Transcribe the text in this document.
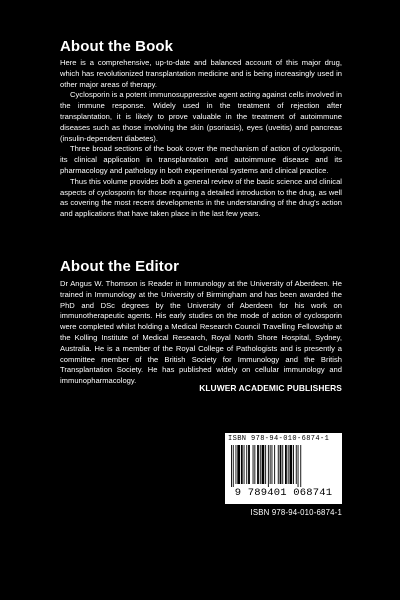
About the Book

Here is a comprehensive, up-to-date and balanced account of this major drug, which has revolutionized transplantation medicine and is being increasingly used in other major areas of therapy.

Cyclosporin is a potent immunosuppressive agent acting against cells involved in the immune response. Widely used in the treatment of rejection after transplantation, it is likely to prove valuable in the treatment of autoimmune diseases such as those involving the skin (psoriasis), eyes (uveitis) and pancreas (insulin-dependent diabetes).

Three broad sections of the book cover the mechanism of action of cyclosporin, its clinical application in transplantation and autoimmune disease and its pharmacology and pathology in both experimental systems and clinical practice.

Thus this volume provides both a general review of the basic science and clinical aspects of cyclosporin for those requiring a detailed introduction to the drug, as well as covering the most recent developments in the understanding of the drug's action and applications that have taken place in the last few years.

About the Editor

Dr Angus W. Thomson is Reader in Immunology at the University of Aberdeen. He trained in Immunology at the University of Birmingham and has been awarded the PhD and DSc degrees by the University of Aberdeen for his work on immunotherapeutic agents. His early studies on the mode of action of cyclosporin were completed whilst holding a Medical Research Council Travelling Fellowship at the Kolling Institute of Medical Research, Royal North Shore Hospital, Sydney, Australia. He is a member of the Royal College of Pathologists and is presently a committee member of the British Society for Immunology and the British Transplantation Society. He has published widely on cellular immunology and immunopharmacology.

KLUWER ACADEMIC PUBLISHERS
ISBN 978-94-010-6874-1
9 789401 068741
ISBN 978-94-010-6874-1
